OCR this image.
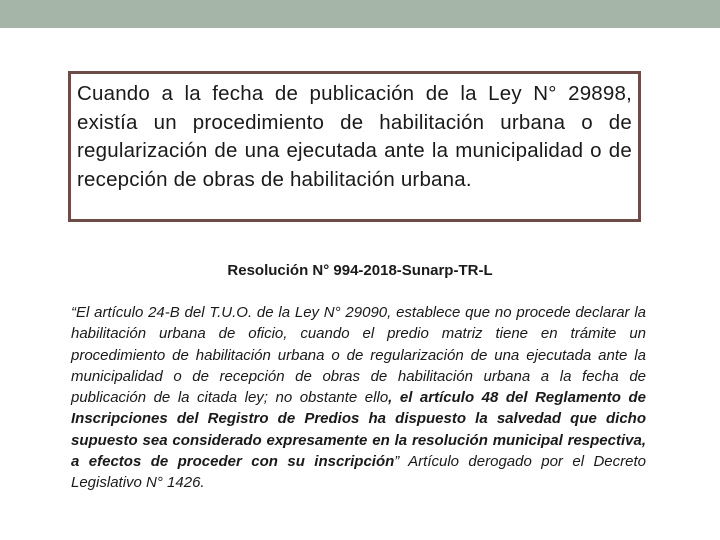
Cuando a la fecha de publicación de la Ley N° 29898, existía un procedimiento de habilitación urbana o de regularización de una ejecutada ante la municipalidad o de recepción de obras de habilitación urbana.
Resolución N° 994-2018-Sunarp-TR-L
“El artículo 24-B del T.U.O. de la Ley N° 29090, establece que no procede declarar la habilitación urbana de oficio, cuando el predio matriz tiene en trámite un procedimiento de habilitación urbana o de regularización de una ejecutada ante la municipalidad o de recepción de obras de habilitación urbana a la fecha de publicación de la citada ley; no obstante ello, el artículo 48 del Reglamento de Inscripciones del Registro de Predios ha dispuesto la salvedad que dicho supuesto sea considerado expresamente en la resolución municipal respectiva, a efectos de proceder con su inscripción” Artículo derogado por el Decreto Legislativo N° 1426.
